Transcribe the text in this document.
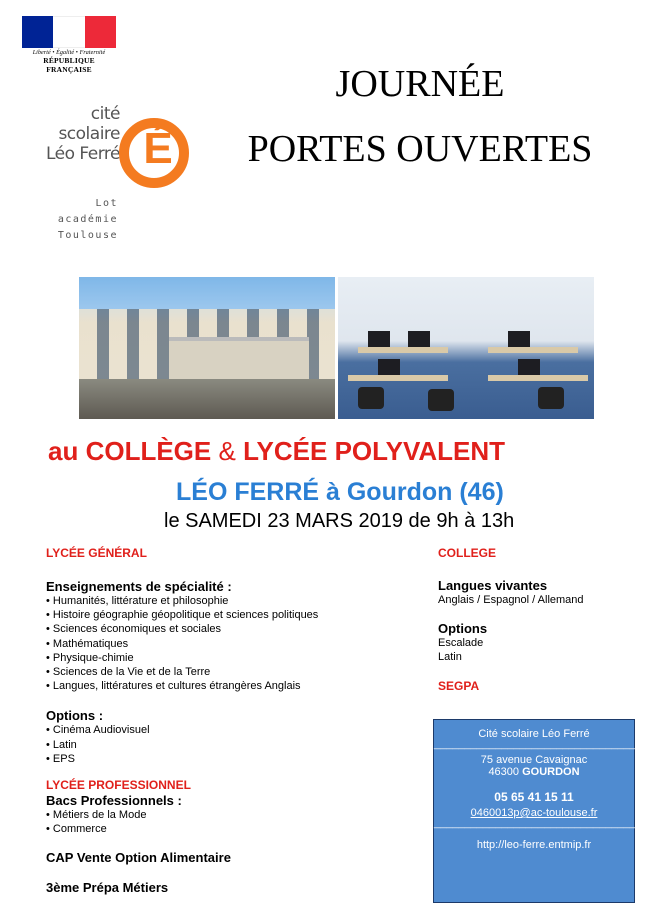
Liberté • Égalité • Fraternité
RÉPUBLIQUE FRANÇAISE
cité
scolaire
Léo Ferré É
Lot
académie
Toulouse
JOURNÉE
PORTES OUVERTES
au COLLÈGE & LYCÉE POLYVALENT
LÉO FERRÉ à Gourdon (46)
le SAMEDI 23 MARS 2019 de 9h à 13h
LYCÉE GÉNÉRAL
Enseignements de spécialité :
• Humanités, littérature et philosophie
• Histoire géographie géopolitique et sciences politiques
• Sciences économiques et sociales
• Mathématiques
• Physique-chimie
• Sciences de la Vie et de la Terre
• Langues, littératures et cultures étrangères Anglais
Options :
• Cinéma Audiovisuel
• Latin
• EPS
LYCÉE PROFESSIONNEL
Bacs Professionnels :
• Métiers de la Mode
• Commerce
CAP Vente Option Alimentaire
3ème Prépa Métiers
COLLEGE
Langues vivantes
Anglais / Espagnol / Allemand
Options
Escalade
Latin
SEGPA
Cité scolaire Léo Ferré
_________________________________
75 avenue Cavaignac
46300 GOURDON
05 65 41 15 11
0460013p@ac-toulouse.fr
_________________________________
http://leo-ferre.entmip.fr
